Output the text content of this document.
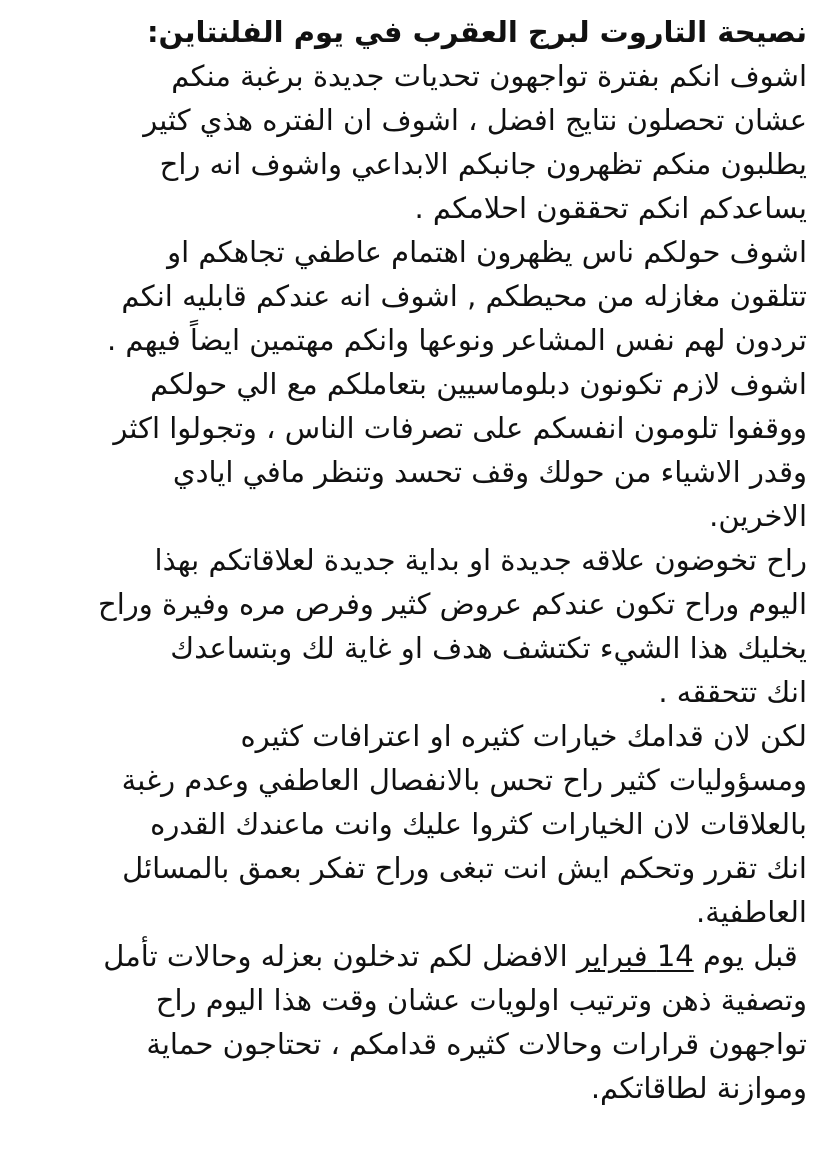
نصيحة التاروت لبرج العقرب في يوم الفلنتاين:

اشوف انكم بفترة تواجهون تحديات جديدة برغبة منكم
عشان تحصلون نتايج افضل ، اشوف ان الفتره هذي كثير
يطلبون منكم تظهرون جانبكم الابداعي واشوف انه راح
يساعدكم انكم تحققون احلامكم .

اشوف حولكم ناس يظهرون اهتمام عاطفي تجاهكم او
تتلقون مغازله من محيطكم , اشوف انه عندكم قابليه انكم
تردون لهم نفس المشاعر ونوعها وانكم مهتمين ايضاً فيهم .

اشوف لازم تكونون دبلوماسيين بتعاملكم مع الي حولكم
ووقفوا تلومون انفسكم على تصرفات الناس ، وتجولوا اكثر
وقدر الاشياء من حولك وقف تحسد وتنظر مافي ايادي
الاخرين.

راح تخوضون علاقه جديدة او بداية جديدة لعلاقاتكم بهذا
اليوم وراح تكون عندكم عروض كثير وفرص مره وفيرة وراح
يخليك هذا الشيء تكتشف هدف او غاية لك وبتساعدك
انك تتحققه .

لكن لان قدامك خيارات كثيره او اعترافات كثيره
ومسؤوليات كثير راح تحس بالانفصال العاطفي وعدم رغبة
بالعلاقات لان الخيارات كثروا عليك وانت ماعندك القدره
انك تقرر وتحكم ايش انت تبغى وراح تفكر بعمق بالمسائل
العاطفية.

قبل يوم 14 فبراير الافضل لكم تدخلون بعزله وحالات تأمل
وتصفية ذهن وترتيب اولويات عشان وقت هذا اليوم راح
تواجهون قرارات وحالات كثيره قدامكم ، تحتاجون حماية
وموازنة لطاقاتكم.
